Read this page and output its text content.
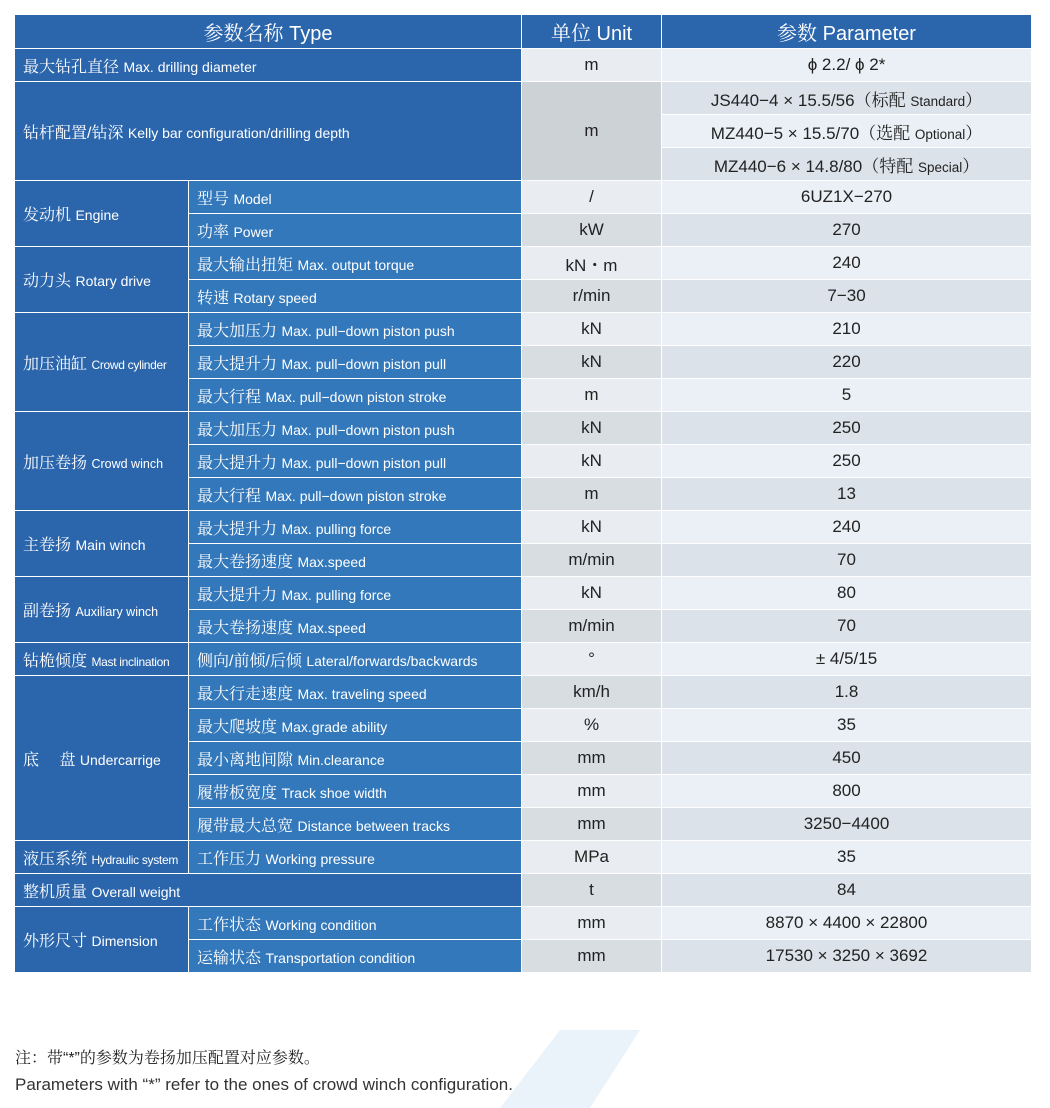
参数名称 Type		单位 Unit	参数 Parameter
最大钻孔直径 Max. drilling diameter		m	ϕ 2.2/ ϕ 2*
钻杆配置/钻深 Kelly bar configuration/drilling depth		m	JS440−4 × 15.5/56（标配 Standard）
			MZ440−5 × 15.5/70（选配 Optional）
			MZ440−6 × 14.8/80（特配 Special）
发动机 Engine	型号 Model	/	6UZ1X−270
	功率 Power	kW	270
动力头 Rotary drive	最大输出扭矩 Max. output torque	kN・m	240
	转速 Rotary speed	r/min	7−30
加压油缸 Crowd cylinder	最大加压力 Max. pull−down piston push	kN	210
	最大提升力 Max. pull−down piston pull	kN	220
	最大行程 Max. pull−down piston stroke	m	5
加压卷扬 Crowd winch	最大加压力 Max. pull−down piston push	kN	250
	最大提升力 Max. pull−down piston pull	kN	250
	最大行程 Max. pull−down piston stroke	m	13
主卷扬 Main winch	最大提升力 Max. pulling force	kN	240
	最大卷扬速度 Max.speed	m/min	70
副卷扬 Auxiliary winch	最大提升力 Max. pulling force	kN	80
	最大卷扬速度 Max.speed	m/min	70
钻桅倾度 Mast inclination	侧向/前倾/后倾 Lateral/forwards/backwards	°	± 4/5/15
底　 盘 Undercarrige	最大行走速度 Max. traveling speed	km/h	1.8
	最大爬坡度 Max.grade ability	%	35
	最小离地间隙 Min.clearance	mm	450
	履带板宽度 Track shoe width	mm	800
	履带最大总宽 Distance between tracks	mm	3250−4400
液压系统 Hydraulic system	工作压力 Working pressure	MPa	35
整机质量 Overall weight		t	84
外形尺寸 Dimension	工作状态 Working condition	mm	8870 × 4400 × 22800
	运输状态 Transportation condition	mm	17530 × 3250 × 3692
注：带“*”的参数为卷扬加压配置对应参数。
Parameters with “*” refer to the ones of crowd winch configuration.
